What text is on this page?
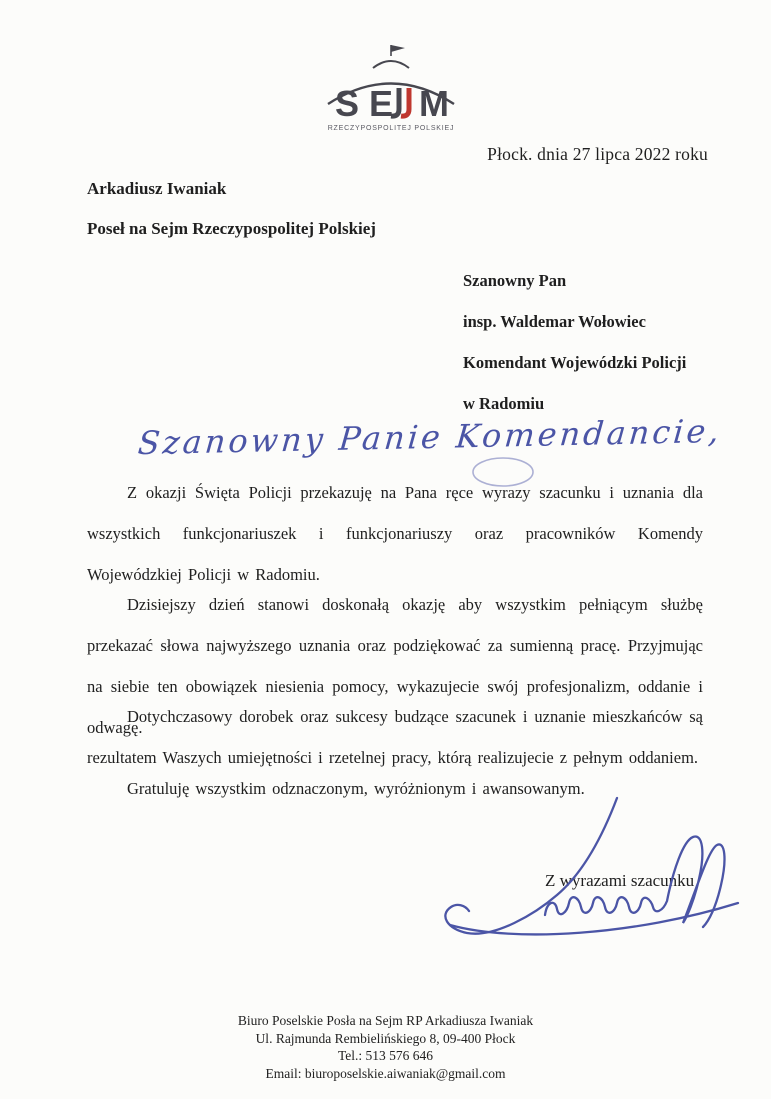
S E M
RZECZYPOSPOLITEJ POLSKIEJ
Płock. dnia 27 lipca 2022 roku
Arkadiusz Iwaniak
Poseł na Sejm Rzeczypospolitej Polskiej
Szanowny Pan
insp. Waldemar Wołowiec
Komendant Wojewódzki Policji
w Radomiu
Szanowny Panie Komendancie,

Z okazji Święta Policji przekazuję na Pana ręce wyrazy szacunku i uznania dla wszystkich funkcjonariuszek i funkcjonariuszy oraz pracowników Komendy Wojewódzkiej Policji w Radomiu.

Dzisiejszy dzień stanowi doskonałą okazję aby wszystkim pełniącym służbę przekazać słowa najwyższego uznania oraz podziękować za sumienną pracę. Przyjmując na siebie ten obowiązek niesienia pomocy, wykazujecie swój profesjonalizm, oddanie i odwagę.

Dotychczasowy dorobek oraz sukcesy budzące szacunek i uznanie mieszkańców są rezultatem Waszych umiejętności i rzetelnej pracy, którą realizujecie z pełnym oddaniem.

Gratuluję wszystkim odznaczonym, wyróżnionym i awansowanym.

Z wyrazami szacunku
Biuro Poselskie Posła na Sejm RP Arkadiusza Iwaniak
Ul. Rajmunda Rembielińskiego 8, 09-400 Płock
Tel.: 513 576 646
Email: biuroposelskie.aiwaniak@gmail.com
